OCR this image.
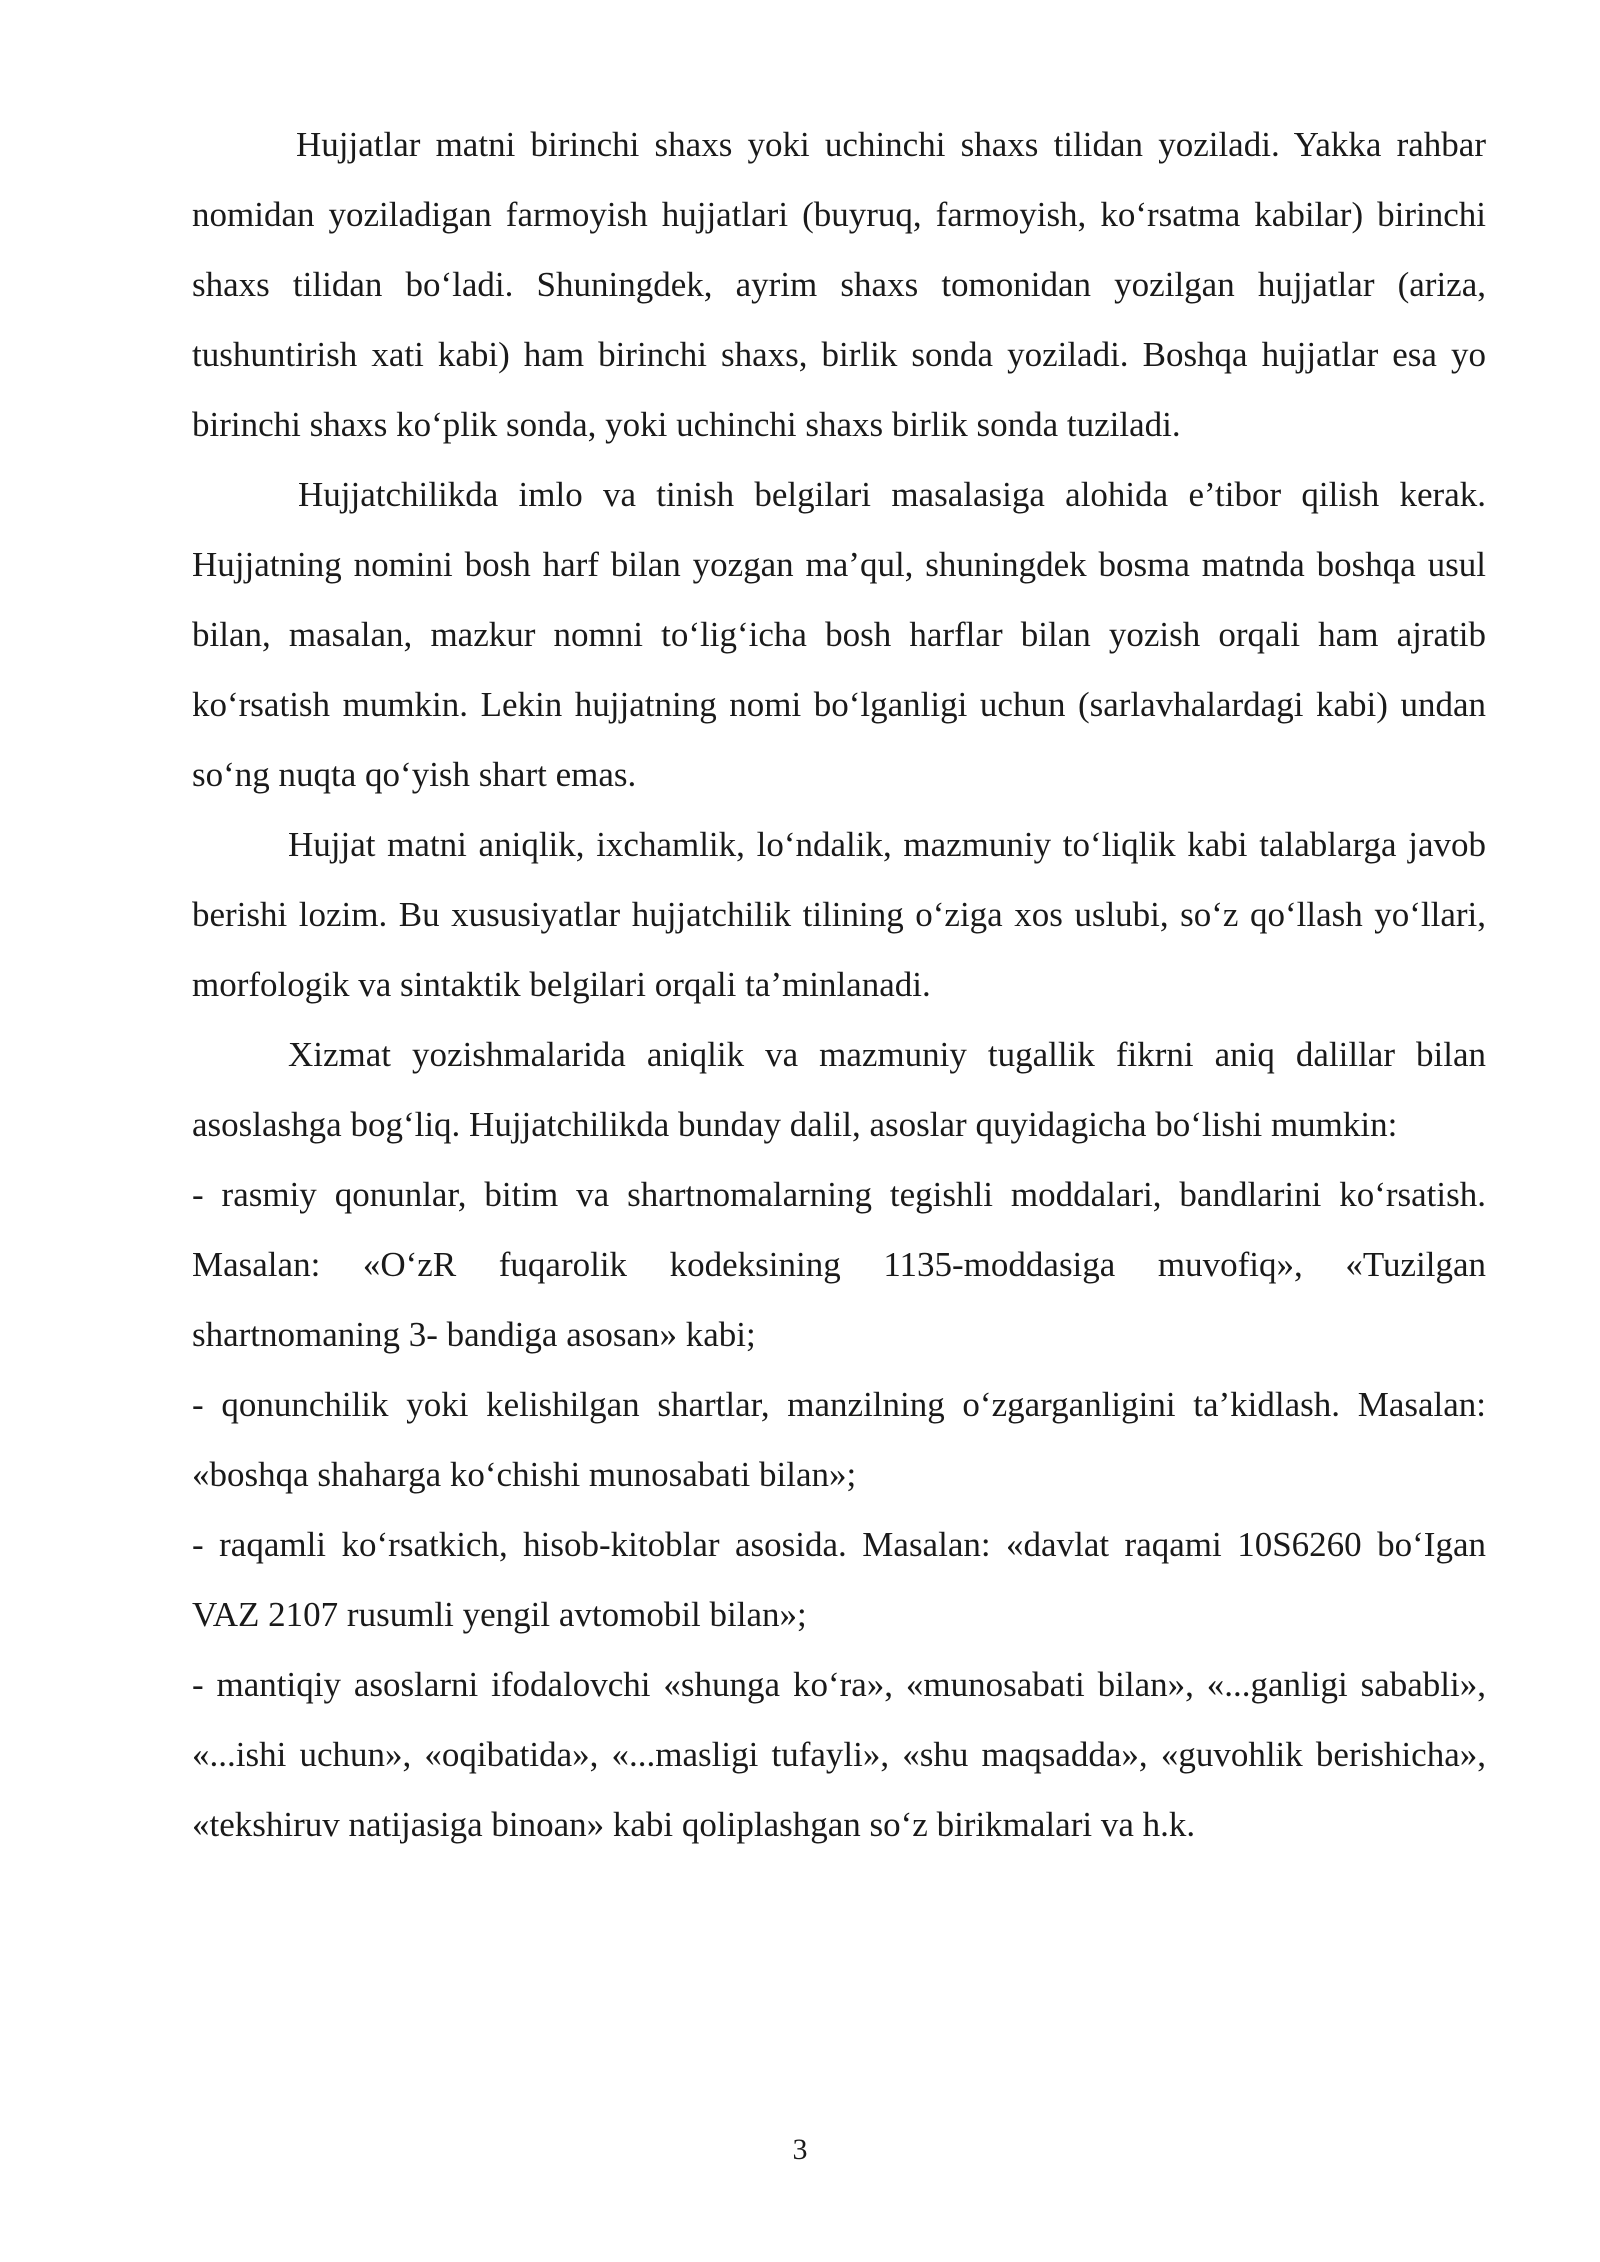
Hujjatlar matni birinchi shaxs yoki uchinchi shaxs tilidan yoziladi. Yakka rahbar nomidan yoziladigan farmoyish hujjatlari (buyruq, farmoyish, ko‘rsatma kabilar) birinchi shaxs tilidan bo‘ladi. Shuningdek, ayrim shaxs tomonidan yozilgan hujjatlar (ariza, tushuntirish xati kabi) ham birinchi shaxs, birlik sonda yoziladi. Boshqa hujjatlar esa yo birinchi shaxs ko‘plik sonda, yoki uchinchi shaxs birlik sonda tuziladi.

Hujjatchilikda imlo va tinish belgilari masalasiga alohida e’tibor qilish kerak. Hujjatning nomini bosh harf bilan yozgan ma’qul, shuningdek bosma matnda boshqa usul bilan, masalan, mazkur nomni to‘lig‘icha bosh harflar bilan yozish orqali ham ajratib ko‘rsatish mumkin. Lekin hujjatning nomi bo‘lganligi uchun (sarlavhalardagi kabi) undan so‘ng nuqta qo‘yish shart emas.

Hujjat matni aniqlik, ixchamlik, lo‘ndalik, mazmuniy to‘liqlik kabi talablarga javob berishi lozim. Bu xususiyatlar hujjatchilik tilining o‘ziga xos uslubi, so‘z qo‘llash yo‘llari, morfologik va sintaktik belgilari orqali ta’minlanadi.

Xizmat yozishmalarida aniqlik va mazmuniy tugallik fikrni aniq dalillar bilan asoslashga bog‘liq. Hujjatchilikda bunday dalil, asoslar quyidagicha bo‘lishi mumkin:

- rasmiy qonunlar, bitim va shartnomalarning tegishli moddalari, bandlarini ko‘rsatish. Masalan: «O‘zR fuqarolik kodeksining 1135-moddasiga muvofiq», «Tuzilgan shartnomaning 3- bandiga asosan» kabi;

- qonunchilik yoki kelishilgan shartlar, manzilning o‘zgarganligini ta’kidlash. Masalan: «boshqa shaharga ko‘chishi munosabati bilan»;

- raqamli ko‘rsatkich, hisob-kitoblar asosida. Masalan: «davlat raqami 10S6260 bo‘Igan VAZ 2107 rusumli yengil avtomobil bilan»;

- mantiqiy asoslarni ifodalovchi «shunga ko‘ra», «munosabati bilan», «...ganligi sababli», «...ishi uchun», «oqibatida», «...masligi tufayli», «shu maqsadda», «guvohlik berishicha», «tekshiruv natijasiga binoan» kabi qoliplashgan so‘z birikmalari va h.k.

3
